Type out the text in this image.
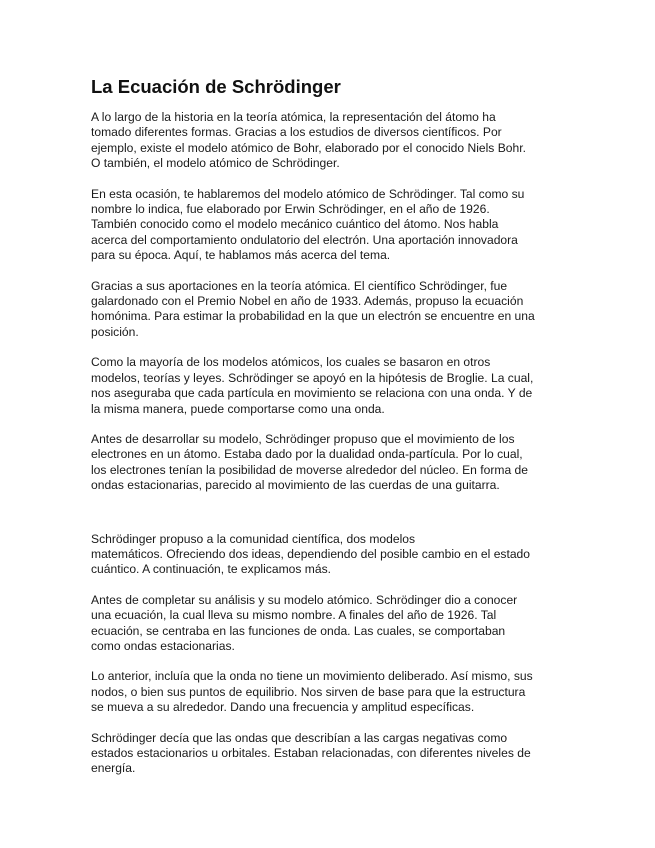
La Ecuación de Schrödinger

A lo largo de la historia en la teoría atómica, la representación del átomo ha
tomado diferentes formas. Gracias a los estudios de diversos científicos. Por
ejemplo, existe el modelo atómico de Bohr, elaborado por el conocido Niels Bohr.
O también, el modelo atómico de Schrödinger.

En esta ocasión, te hablaremos del modelo atómico de Schrödinger. Tal como su
nombre lo indica, fue elaborado por Erwin Schrödinger, en el año de 1926.
También conocido como el modelo mecánico cuántico del átomo. Nos habla
acerca del comportamiento ondulatorio del electrón. Una aportación innovadora
para su época. Aquí, te hablamos más acerca del tema.

Gracias a sus aportaciones en la teoría atómica. El científico Schrödinger, fue
galardonado con el Premio Nobel en año de 1933. Además, propuso la ecuación
homónima. Para estimar la probabilidad en la que un electrón se encuentre en una
posición.

Como la mayoría de los modelos atómicos, los cuales se basaron en otros
modelos, teorías y leyes. Schrödinger se apoyó en la hipótesis de Broglie. La cual,
nos aseguraba que cada partícula en movimiento se relaciona con una onda. Y de
la misma manera, puede comportarse como una onda.

Antes de desarrollar su modelo, Schrödinger propuso que el movimiento de los
electrones en un átomo. Estaba dado por la dualidad onda-partícula. Por lo cual,
los electrones tenían la posibilidad de moverse alrededor del núcleo. En forma de
ondas estacionarias, parecido al movimiento de las cuerdas de una guitarra.

Schrödinger propuso a la comunidad científica, dos modelos
matemáticos. Ofreciendo dos ideas, dependiendo del posible cambio en el estado
cuántico. A continuación, te explicamos más.

Antes de completar su análisis y su modelo atómico. Schrödinger dio a conocer
una ecuación, la cual lleva su mismo nombre. A finales del año de 1926. Tal
ecuación, se centraba en las funciones de onda. Las cuales, se comportaban
como ondas estacionarias.

Lo anterior, incluía que la onda no tiene un movimiento deliberado. Así mismo, sus
nodos, o bien sus puntos de equilibrio. Nos sirven de base para que la estructura
se mueva a su alrededor. Dando una frecuencia y amplitud específicas.

Schrödinger decía que las ondas que describían a las cargas negativas como
estados estacionarios u orbitales. Estaban relacionadas, con diferentes niveles de
energía.
